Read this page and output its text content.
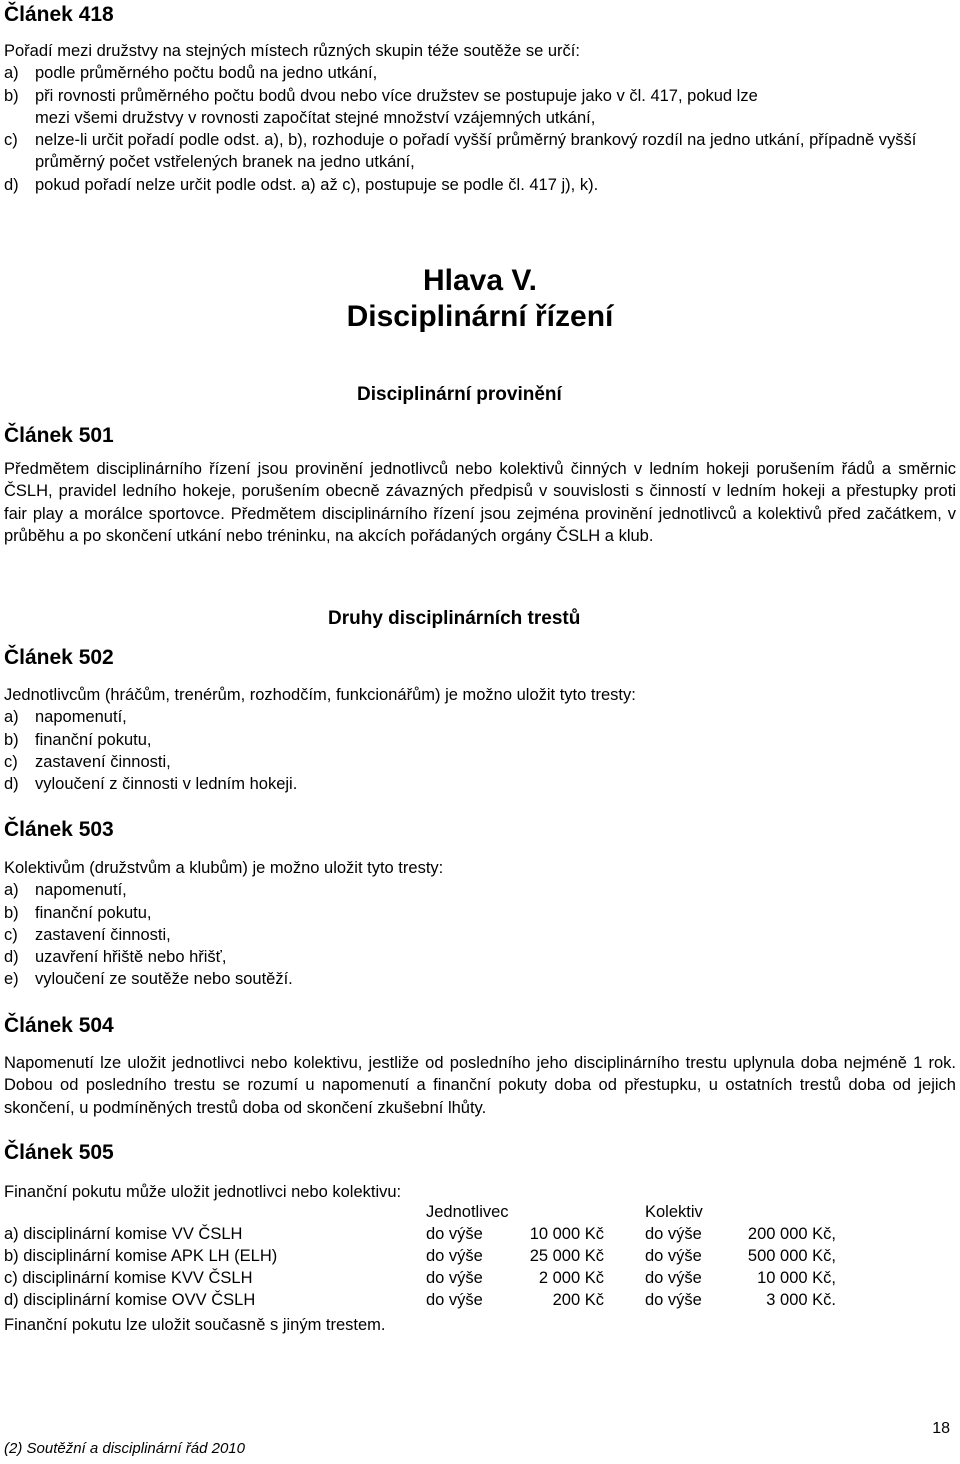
Článek 418
Pořadí mezi družstvy na stejných místech různých skupin téže soutěže se určí:
a) podle průměrného počtu bodů na jedno utkání,
b) při rovnosti průměrného počtu bodů dvou nebo více družstev se postupuje jako v čl. 417, pokud lze mezi všemi družstvy v rovnosti započítat stejné množství vzájemných utkání,
c) nelze-li určit pořadí podle odst. a), b), rozhoduje o pořadí vyšší průměrný brankový rozdíl na jedno utkání, případně vyšší průměrný počet vstřelených branek na jedno utkání,
d) pokud pořadí nelze určit podle odst. a) až c), postupuje se podle čl. 417 j), k).
Hlava V.
Disciplinární řízení
Disciplinární provinění
Článek 501
Předmětem disciplinárního řízení jsou provinění jednotlivců nebo kolektivů činných v ledním hokeji porušením řádů a směrnic ČSLH, pravidel ledního hokeje, porušením obecně závazných předpisů v souvislosti s činností v ledním hokeji a přestupky proti fair play a morálce sportovce. Předmětem disciplinárního řízení jsou zejména provinění jednotlivců a kolektivů před začátkem, v průběhu a po skončení utkání nebo tréninku, na akcích pořádaných orgány ČSLH a klub.
Druhy disciplinárních trestů
Článek 502
Jednotlivcům (hráčům, trenérům, rozhodčím, funkcionářům) je možno uložit tyto tresty:
a) napomenutí,
b) finanční pokutu,
c) zastavení činnosti,
d) vyloučení z činnosti v ledním hokeji.
Článek 503
Kolektivům (družstvům a klubům) je možno uložit tyto tresty:
a) napomenutí,
b) finanční pokutu,
c) zastavení činnosti,
d) uzavření hřiště nebo hřišť,
e) vyloučení ze soutěže nebo soutěží.
Článek 504
Napomenutí lze uložit jednotlivci nebo kolektivu, jestliže od posledního jeho disciplinárního trestu uplynula doba nejméně 1 rok. Dobou od posledního trestu se rozumí u napomenutí a finanční pokuty doba od přestupku, u ostatních trestů doba od jejich skončení, u podmíněných trestů doba od skončení zkušební lhůty.
Článek 505
Finanční pokutu může uložit jednotlivci nebo kolektivu:
Jednotlivec	Kolektiv
a) disciplinární komise VV ČSLH	do výše	10 000 Kč do výše	200 000 Kč,
b) disciplinární komise APK LH (ELH)	do výše	25 000 Kč do výše	500 000 Kč,
c) disciplinární komise KVV ČSLH	do výše	2 000 Kč do výše	10 000 Kč,
d) disciplinární komise OVV ČSLH	do výše	200 Kč do výše	3 000 Kč.
Finanční pokutu lze uložit současně s jiným trestem.
18
(2) Soutěžní a disciplinární řád 2010
